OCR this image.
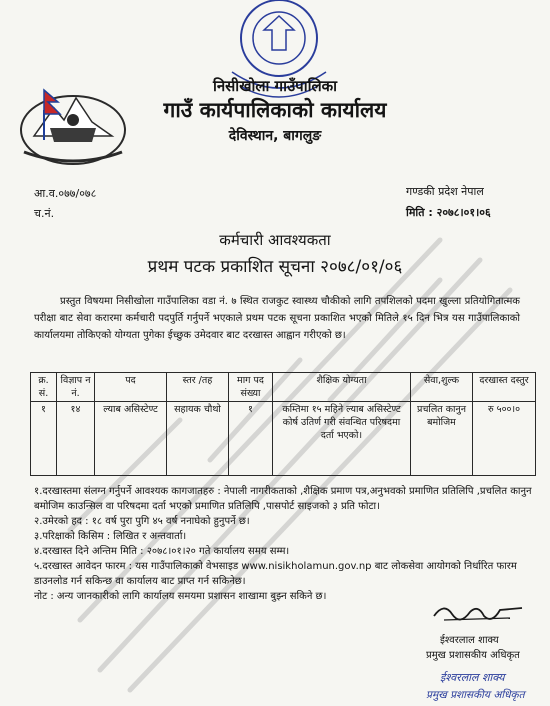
निसीखोला गाउँपालिका
गाउँ कार्यपालिकाको कार्यालय
देविस्थान, बागलुङ
आ.व.०७७/०७८
च.नं.
गण्डकी प्रदेश नेपाल
मिति : २०७८।०१।०६
कर्मचारी आवश्यकता
प्रथम पटक प्रकाशित सूचना २०७८/०१/०६
प्रस्तुत विषयमा निसीखोला गाउँपालिका वडा नं. ७ स्थित राजकुट स्वास्थ्य चौकीको लागि तपशिलको पदमा खुल्ला प्रतियोगितात्मक परीक्षा बाट सेवा करारमा कर्मचारी पदपुर्ति गर्नुपर्ने भएकाले प्रथम पटक सूचना प्रकाशित भएको मितिले १५ दिन भित्र यस गाउँपालिकाको कार्यालयमा तोकिएको योग्यता पुगेका ईच्छुक उमेदवार बाट दरखास्त आह्वान गरीएको छ।
क्र. सं.	विज्ञाप न नं.	पद	स्तर /तह	माग पद संख्या	शैक्षिक योग्यता	सेवा,शुल्क	दरखास्त दस्तुर
१	१४	ल्याब असिस्टेण्ट	सहायक चौथो	१	कम्तिमा १५ महिने ल्याब असिस्टेण्ट कोर्ष उतिर्ण गरी संवन्धित परिषदमा दर्ता भएको।	प्रचलित कानुन बमोजिम	रु ५००।०

१.दरखास्तमा संलग्न गर्नुपर्ने आवश्यक कागजातहरु : नेपाली नागरीकताको ,शैक्षिक प्रमाण पत्र,अनुभवको प्रमाणित प्रतिलिपि ,प्रचलित कानुन बमोजिम काउन्सिल वा परिषदमा दर्ता भएको प्रमाणित प्रतिलिपि ,पासपोर्ट साइजको ३ प्रति फोटा।

२.उमेरको हद : १८ वर्ष पुरा पुगि ४५ वर्ष ननाघेको हुनुपर्ने छ।

३.परिक्षाको किसिम : लिखित र अन्तवार्ता।

४.दरखास्त दिने अन्तिम मिति : २०७८।०१।२० गते कार्यालय समय सम्म।

५.दरखास्त आवेदन फारम : यस गाउँपालिकाको वेभसाइड www.nisikholamun.gov.np बाट लोकसेवा आयोगको निर्धारित फारम डाउनलोड गर्न सकिन्छ वा कार्यालय बाट प्राप्त गर्न सकिनेछ।

नोट : अन्य जानकारीको लागि कार्यालय समयमा प्रशासन शाखामा बुझ्न सकिने छ।

ईश्वरलाल शाक्य
प्रमुख प्रशासकीय अधिकृत
ईश्वरलाल शाक्य
प्रमुख प्रशासकीय अधिकृत
